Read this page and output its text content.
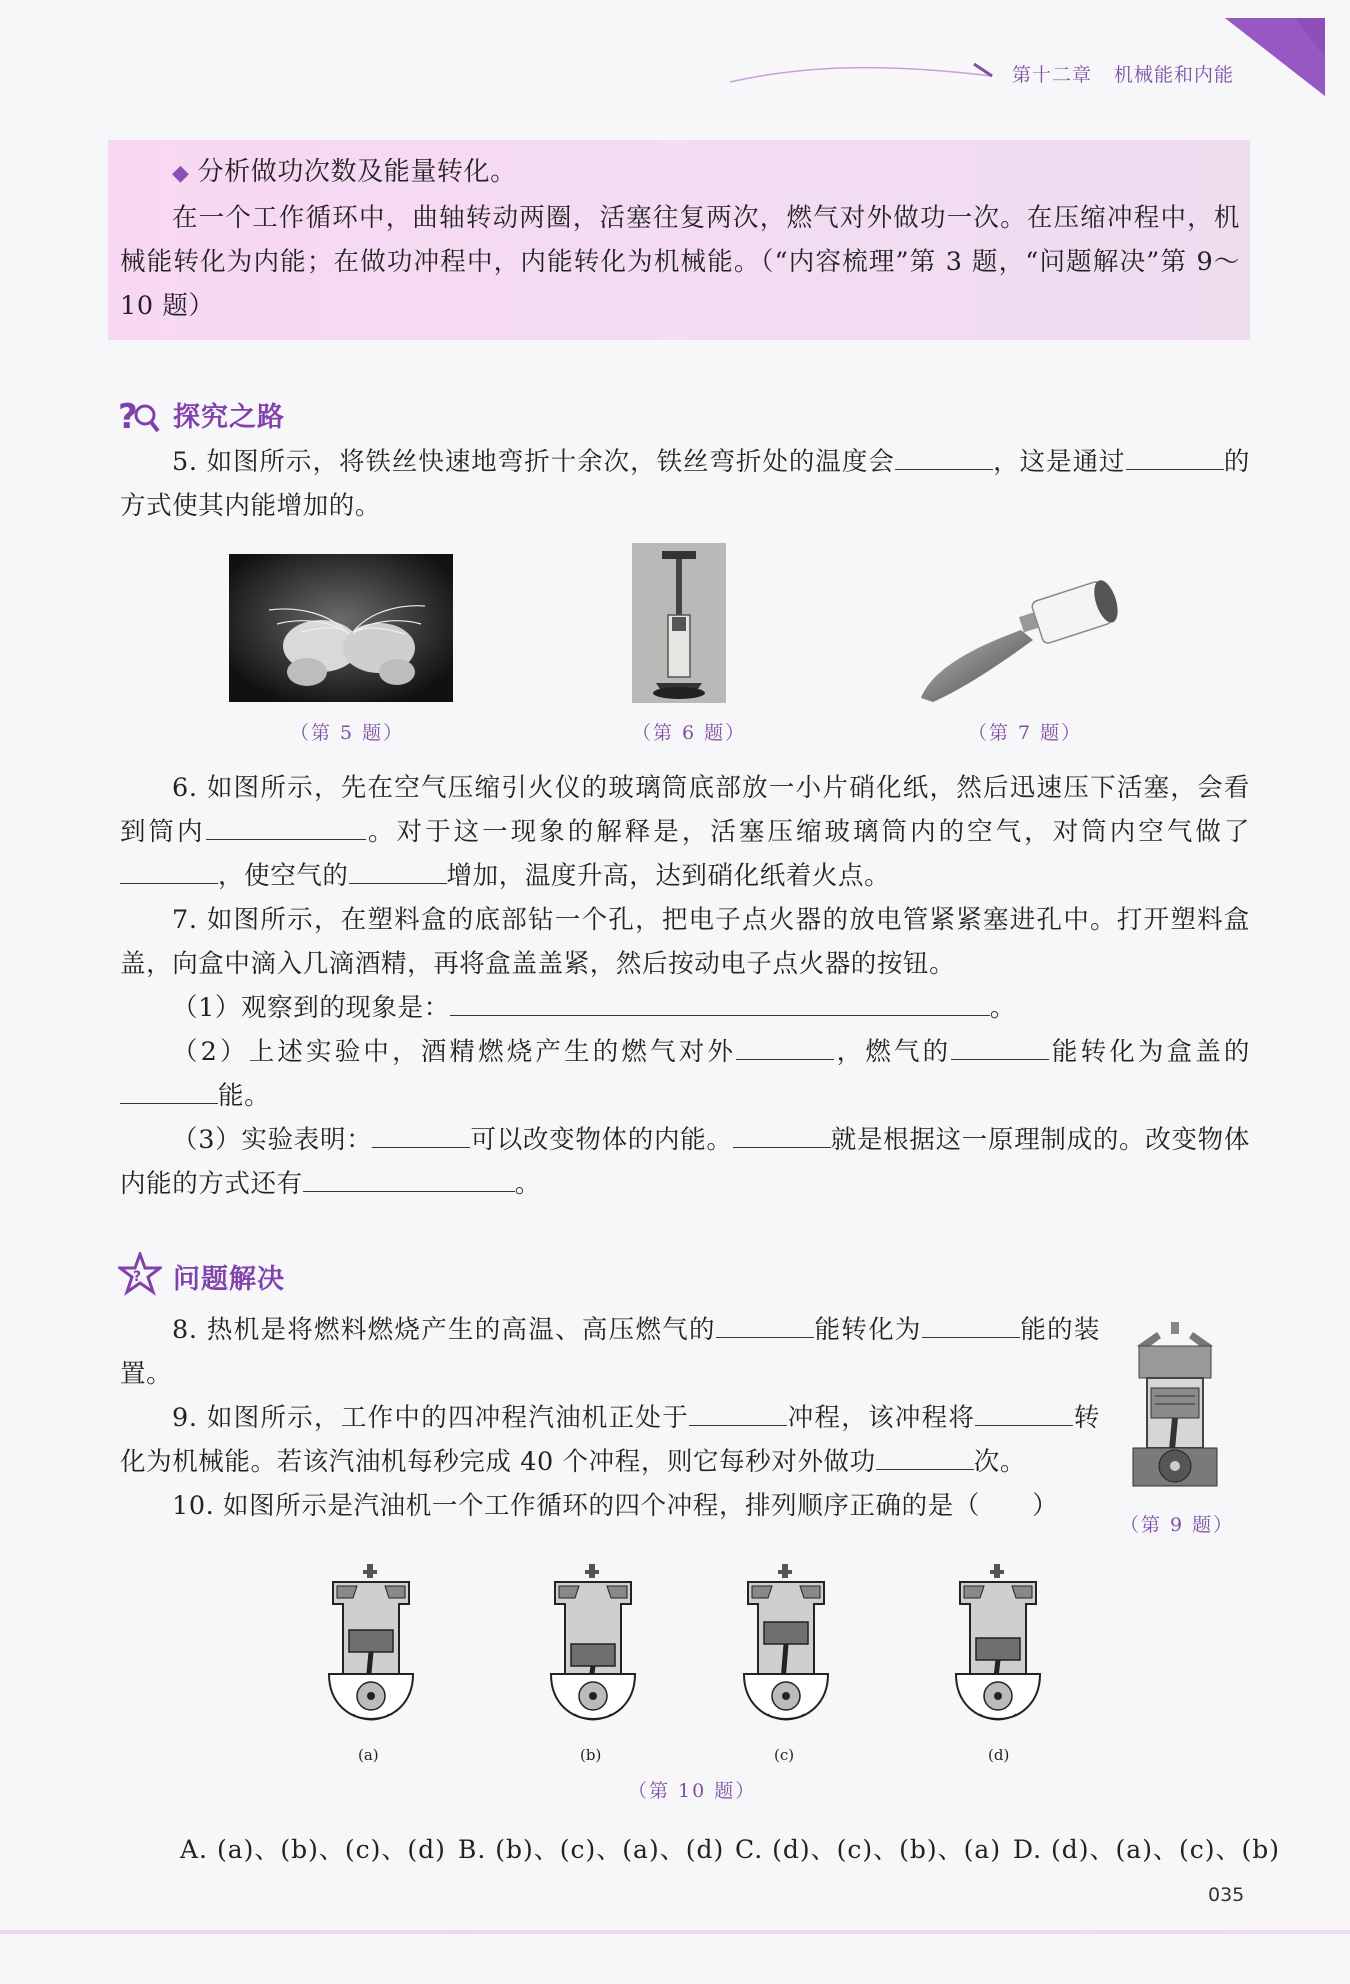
第十二章 机械能和内能
◆ 分析做功次数及能量转化。
在一个工作循环中，曲轴转动两圈，活塞往复两次，燃气对外做功一次。在压缩冲程中，机械能转化为内能；在做功冲程中，内能转化为机械能。（“内容梳理”第 3 题，“问题解决”第 9～10 题）
? 探究之路
5. 如图所示，将铁丝快速地弯折十余次，铁丝弯折处的温度会	，这是通过	的方式使其内能增加的。
（第 5 题）	（第 6 题）	（第 7 题）
6. 如图所示，先在空气压缩引火仪的玻璃筒底部放一小片硝化纸，然后迅速压下活塞，会看到筒内	。对于这一现象的解释是，活塞压缩玻璃筒内的空气，对筒内空气做了，使空气的	增加，温度升高，达到硝化纸着火点。
7. 如图所示，在塑料盒的底部钻一个孔，把电子点火器的放电管紧紧塞进孔中。打开塑料盒盖，向盒中滴入几滴酒精，再将盒盖盖紧，然后按动电子点火器的按钮。
（1）观察到的现象是：	。
（2）上述实验中，酒精燃烧产生的燃气对外	，燃气的	能转化为盒盖的能。
（3）实验表明：	可以改变物体的内能。	就是根据这一原理制成的。改变物体内能的方式还有	。
? 问题解决
8. 热机是将燃料燃烧产生的高温、高压燃气的	能转化为	能的装置。
9. 如图所示，工作中的四冲程汽油机正处于	冲程，该冲程将	转化为机械能。若该汽油机每秒完成 40 个冲程，则它每秒对外做功	次。
（第 9 题）
10. 如图所示是汽油机一个工作循环的四个冲程，排列顺序正确的是（　　）
(a)	(b)	(c)	(d)
（第 10 题）
A. (a)、(b)、(c)、(d) B. (b)、(c)、(a)、(d) C. (d)、(c)、(b)、(a) D. (d)、(a)、(c)、(b)
035
